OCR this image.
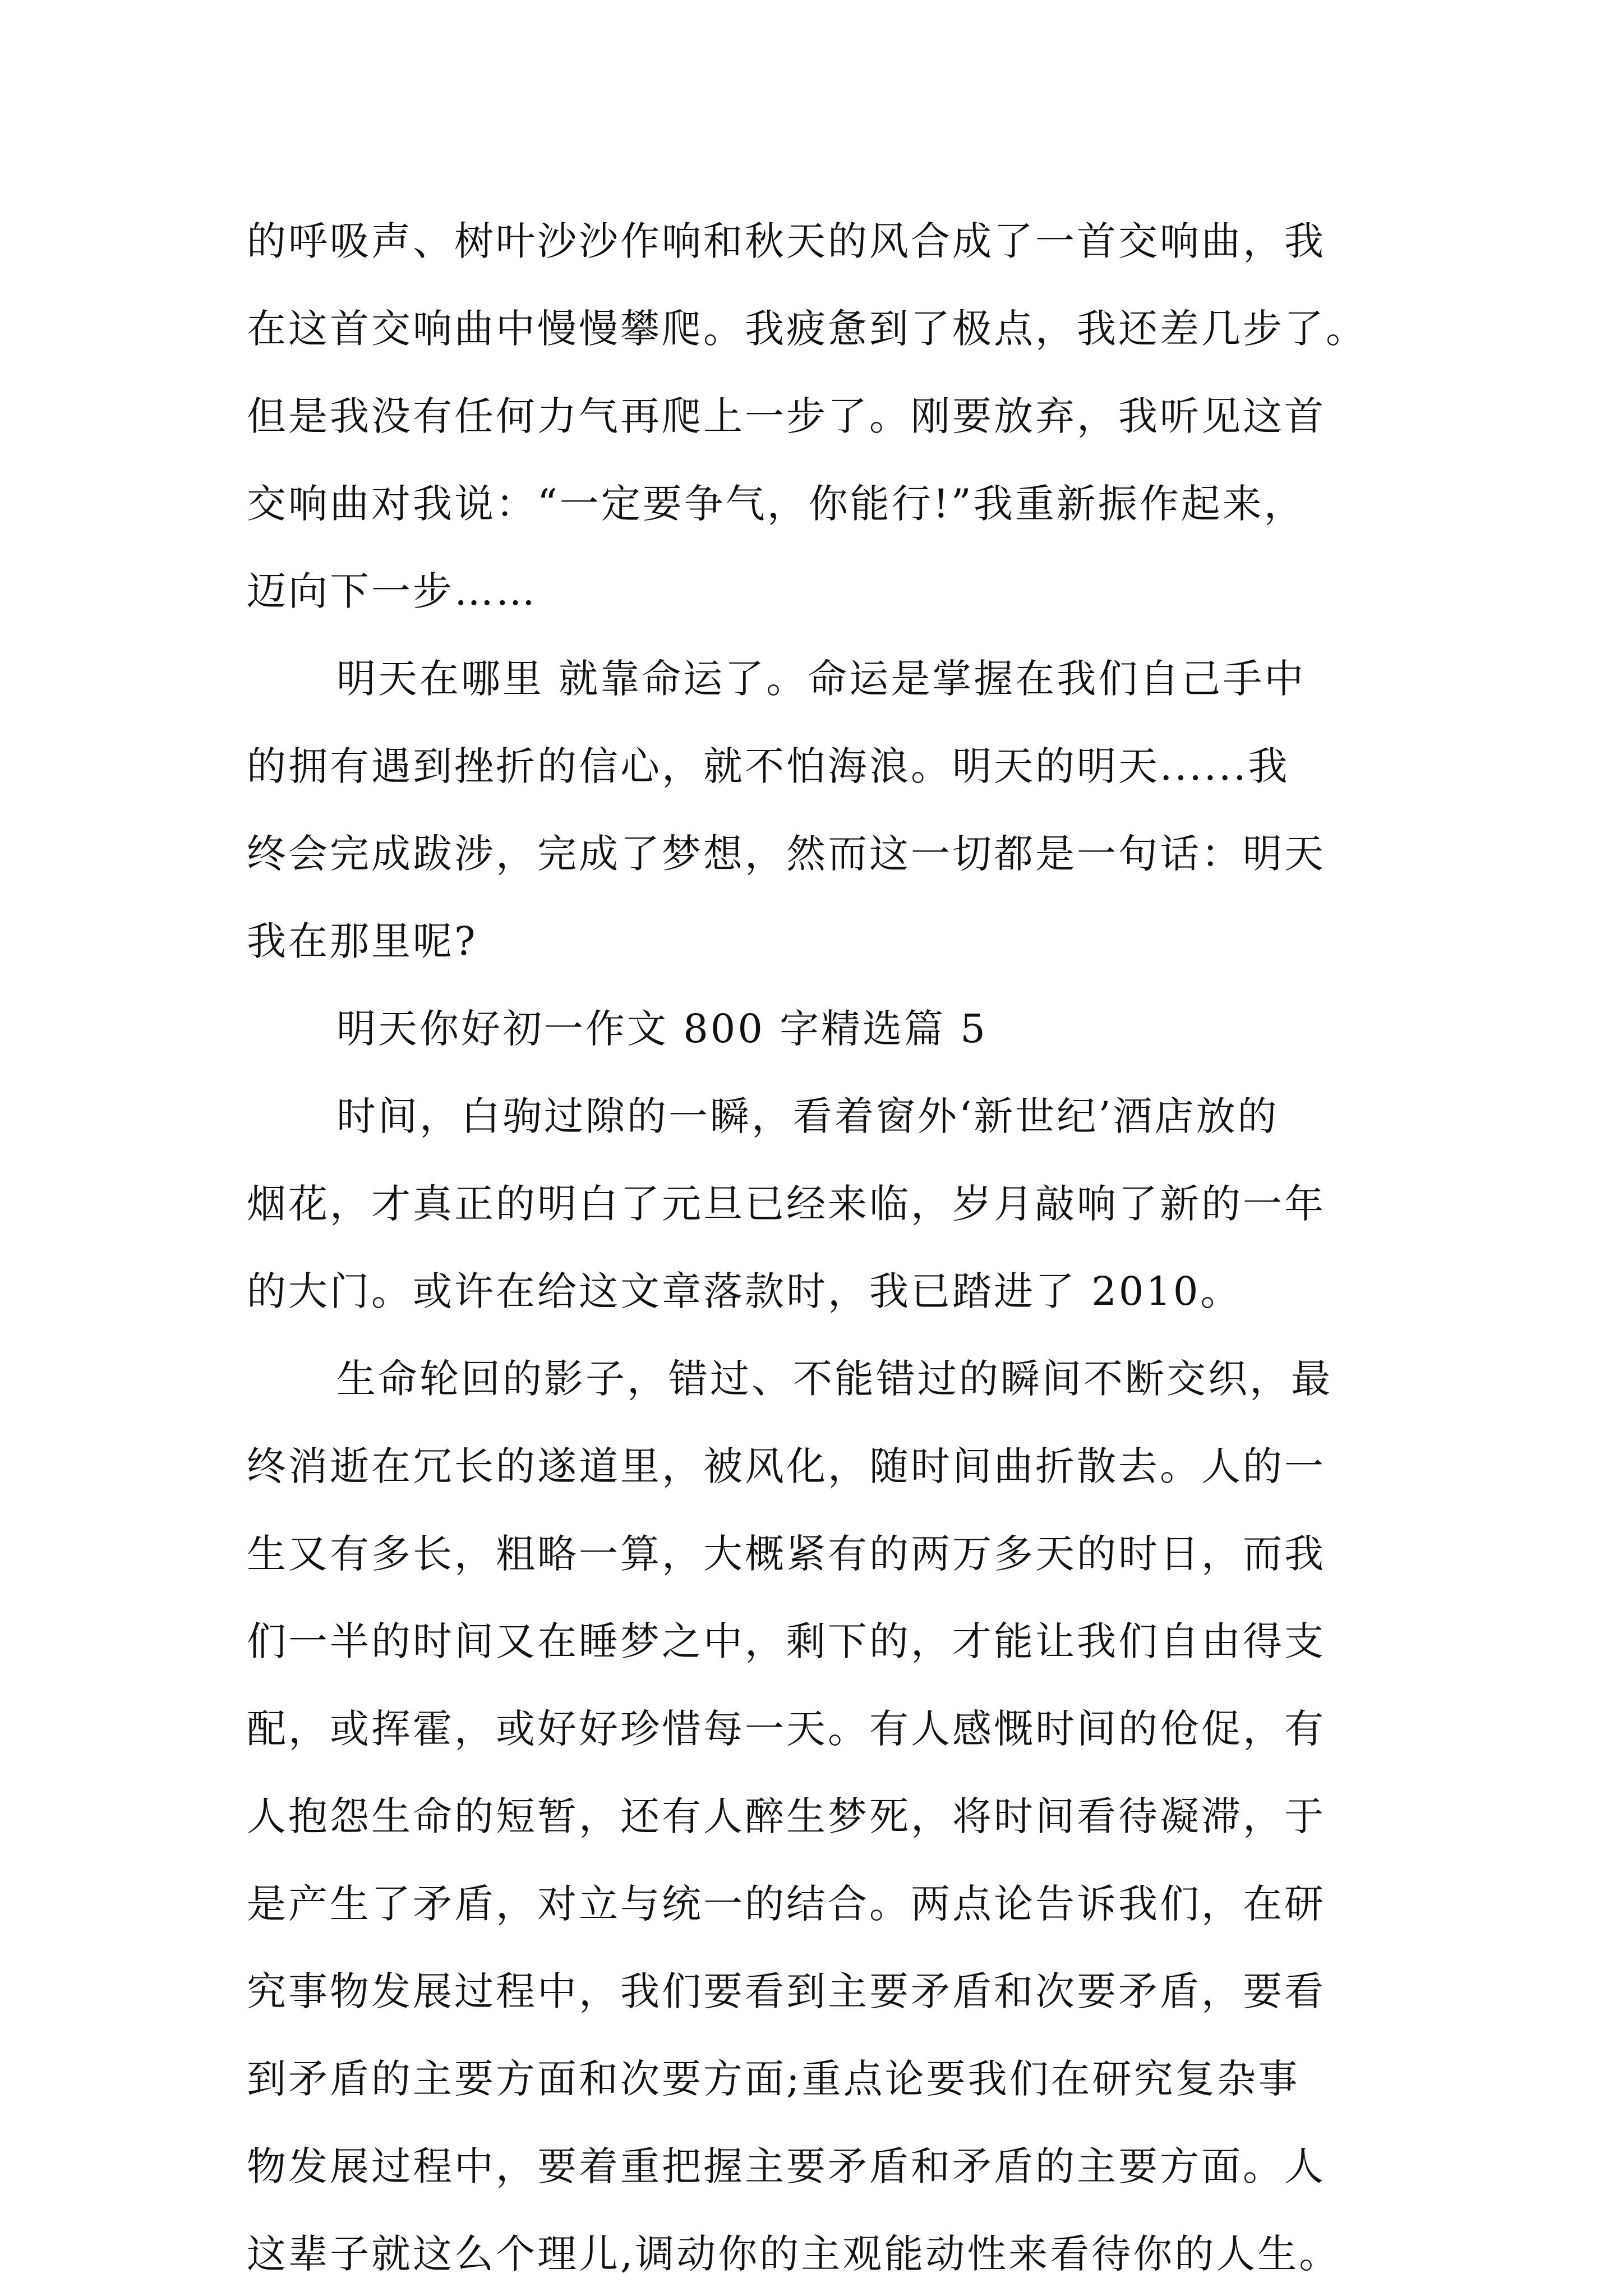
的呼吸声、树叶沙沙作响和秋天的风合成了一首交响曲，我
在这首交响曲中慢慢攀爬。我疲惫到了极点，我还差几步了。
但是我没有任何力气再爬上一步了。刚要放弃，我听见这首
交响曲对我说：“一定要争气，你能行!”我重新振作起来，
迈向下一步……
明天在哪里 就靠命运了。命运是掌握在我们自己手中
的拥有遇到挫折的信心，就不怕海浪。明天的明天......我
终会完成跋涉，完成了梦想，然而这一切都是一句话：明天
我在那里呢?
明天你好初一作文 800 字精选篇 5
时间，白驹过隙的一瞬，看着窗外‘新世纪’酒店放的
烟花，才真正的明白了元旦已经来临，岁月敲响了新的一年
的大门。或许在给这文章落款时，我已踏进了 2010。
生命轮回的影子，错过、不能错过的瞬间不断交织，最
终消逝在冗长的遂道里，被风化，随时间曲折散去。人的一
生又有多长，粗略一算，大概紧有的两万多天的时日，而我
们一半的时间又在睡梦之中，剩下的，才能让我们自由得支
配，或挥霍，或好好珍惜每一天。有人感慨时间的伧促，有
人抱怨生命的短暂，还有人醉生梦死，将时间看待凝滞，于
是产生了矛盾，对立与统一的结合。两点论告诉我们，在研
究事物发展过程中，我们要看到主要矛盾和次要矛盾，要看
到矛盾的主要方面和次要方面;重点论要我们在研究复杂事
物发展过程中，要着重把握主要矛盾和矛盾的主要方面。人
这辈子就这么个理儿,调动你的主观能动性来看待你的人生。
